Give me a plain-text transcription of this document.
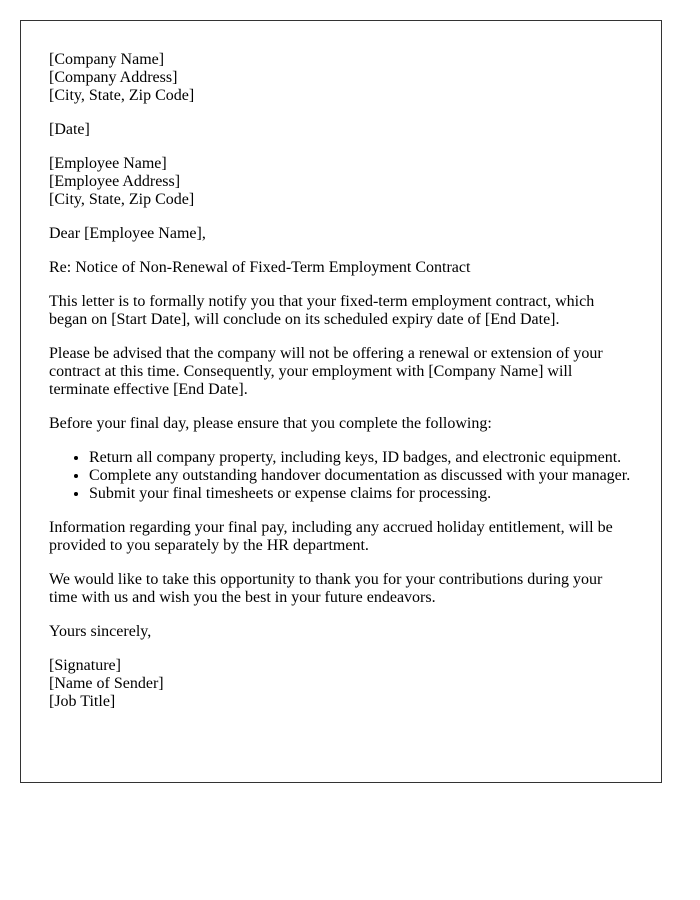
[Company Name]
[Company Address]
[City, State, Zip Code]
[Date]
[Employee Name]
[Employee Address]
[City, State, Zip Code]
Dear [Employee Name],
Re: Notice of Non-Renewal of Fixed-Term Employment Contract
This letter is to formally notify you that your fixed-term employment contract, which
began on [Start Date], will conclude on its scheduled expiry date of [End Date].
Please be advised that the company will not be offering a renewal or extension of your
contract at this time. Consequently, your employment with [Company Name] will
terminate effective [End Date].
Before your final day, please ensure that you complete the following:
• Return all company property, including keys, ID badges, and electronic equipment.
• Complete any outstanding handover documentation as discussed with your manager.
• Submit your final timesheets or expense claims for processing.
Information regarding your final pay, including any accrued holiday entitlement, will be
provided to you separately by the HR department.
We would like to take this opportunity to thank you for your contributions during your
time with us and wish you the best in your future endeavors.
Yours sincerely,
[Signature]
[Name of Sender]
[Job Title]
